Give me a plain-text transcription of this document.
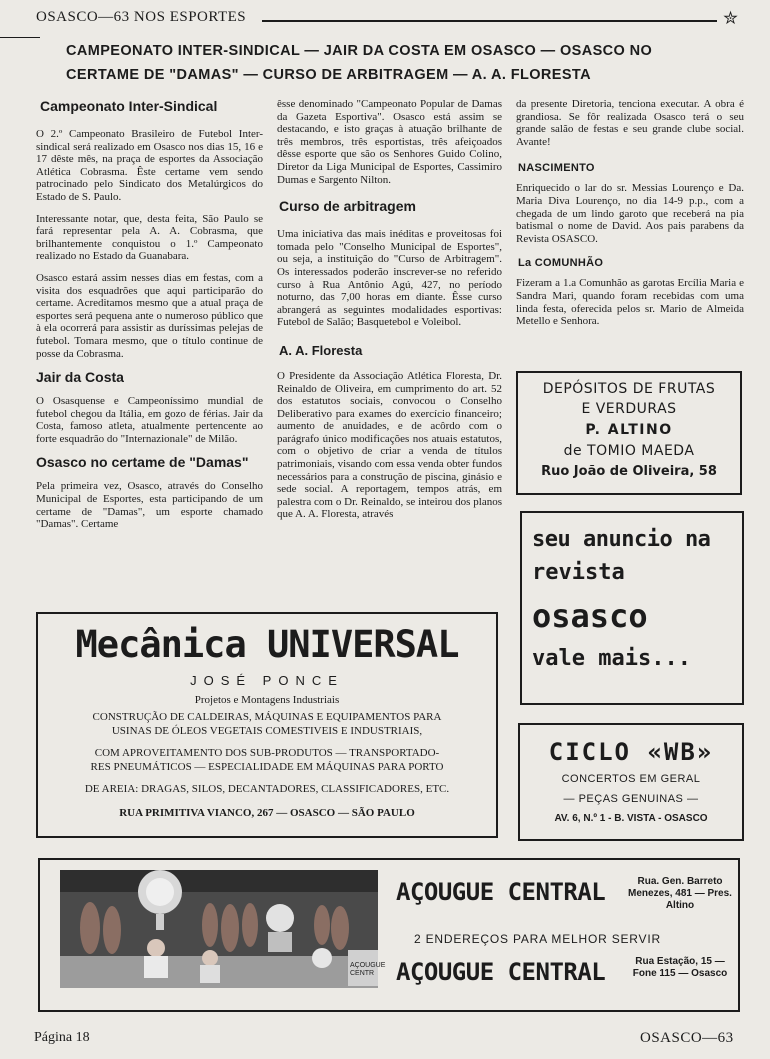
OSASCO—63 NOS ESPORTES	✮
CAMPEONATO INTER-SINDICAL — JAIR DA COSTA EM OSASCO — OSASCO NO
CERTAME DE "DAMAS" — CURSO DE ARBITRAGEM — A. A. FLORESTA
Campeonato Inter-Sindical

O 2.º Campeonato Brasileiro de Futebol Inter-sindical será realizado em Osasco nos dias 15, 16 e 17 dêste mês, na praça de esportes da Associação Atlética Cobrasma. Êste certame vem sendo patrocinado pelo Sindicato dos Metalúrgicos do Estado de S. Paulo.

Interessante notar, que, desta feita, São Paulo se fará representar pela A. A. Cobrasma, que brilhantemente conquistou o 1.º Campeonato realizado no Estado da Guanabara.

Osasco estará assim nesses dias em festas, com a visita dos esquadrões que aqui participarão do certame. Acreditamos mesmo que a atual praça de esportes será pequena ante o numeroso público que à ela ocorrerá para assistir as duríssimas pelejas de futebol. Tomara mesmo, que o título continue de posse da Cobrasma.

Jair da Costa

O Osasquense e Campeoníssimo mundial de futebol chegou da Itália, em gozo de férias. Jair da Costa, famoso atleta, atualmente pertencente ao forte esquadrão do "Internazionale" de Milão.

Osasco no certame de "Damas"

Pela primeira vez, Osasco, através do Conselho Municipal de Esportes, esta participando de um certame de "Damas", um esporte chamado "Damas". Certame

êsse denominado "Campeonato Popular de Damas da Gazeta Esportiva". Osasco está assim se destacando, e isto graças à atuação brilhante de três membros, três esportistas, três afeiçoados dêsse esporte que são os Senhores Guido Colino, Diretor da Liga Municipal de Esportes, Cassimiro Dumas e Sargento Nilton.

Curso de arbitragem

Uma iniciativa das mais inéditas e proveitosas foi tomada pelo "Conselho Municipal de Esportes", ou seja, a instituição do "Curso de Arbitragem". Os interessados poderão inscrever-se no referido curso à Rua Antônio Agú, 427, no período noturno, das 7,00 horas em diante. Êsse curso abrangerá as seguintes modalidades esportivas: Futebol de Salão; Basquetebol e Voleibol.

A. A. Floresta

O Presidente da Associação Atlética Floresta, Dr. Reinaldo de Oliveira, em cumprimento do art. 52 dos estatutos sociais, convocou o Conselho Deliberativo para exames do exercício financeiro; aumento de anuidades, e de acôrdo com o parágrafo único modificações nos atuais estatutos, com o objetivo de criar a venda de títulos patrimoniais, visando com essa venda obter fundos necessários para a construção de piscina, ginásio e sede social. A reportagem, tempos atrás, em palestra com o Dr. Reinaldo, se inteirou dos planos que A. A. Floresta, através

da presente Diretoria, tenciona executar. A obra é grandiosa. Se fôr realizada Osasco terá o seu grande salão de festas e seu grande clube social. Avante!

NASCIMENTO

Enriquecido o lar do sr. Messias Lourenço e Da. Maria Diva Lourenço, no dia 14-9 p.p., com a chegada de um lindo garoto que receberá na pia batismal o nome de David. Aos pais parabens da Revista OSASCO.

La COMUNHÃO

Fizeram a 1.a Comunhão as garotas Ercília Maria e Sandra Mari, quando foram recebidas com uma linda festa, oferecida pelos sr. Mario de Almeida Metello e Senhora.

DEPÓSITOS DE FRUTAS
E VERDURAS
P. ALTINO
de TOMIO MAEDA
Ruo João de Oliveira, 58
seu anuncio na
revista
osasco
vale mais...
Mecânica UNIVERSAL
JOSÉ PONCE
Projetos e Montagens Industriais
CONSTRUÇÃO DE CALDEIRAS, MÁQUINAS E EQUIPAMENTOS PARA
USINAS DE ÓLEOS VEGETAIS COMESTIVEIS E INDUSTRIAIS,
COM APROVEITAMENTO DOS SUB-PRODUTOS — TRANSPORTADO-
RES PNEUMÁTICOS — ESPECIALIDADE EM MÁQUINAS PARA PORTO
DE AREIA: DRAGAS, SILOS, DECANTADORES, CLASSIFICADORES, ETC.
RUA PRIMITIVA VIANCO, 267 — OSASCO — SÃO PAULO
CICLO «WB»
CONCERTOS EM GERAL
— PEÇAS GENUINAS —
AV. 6, N.º 1 - B. VISTA - OSASCO
AÇOUGUE CENTR
AÇOUGUE CENTRAL	Rua. Gen. Barreto Menezes, 481 — Pres. Altino
2 ENDEREÇOS PARA MELHOR SERVIR
AÇOUGUE CENTRAL	Rua Estação, 15 — Fone 115 — Osasco
Página 18	OSASCO—63
